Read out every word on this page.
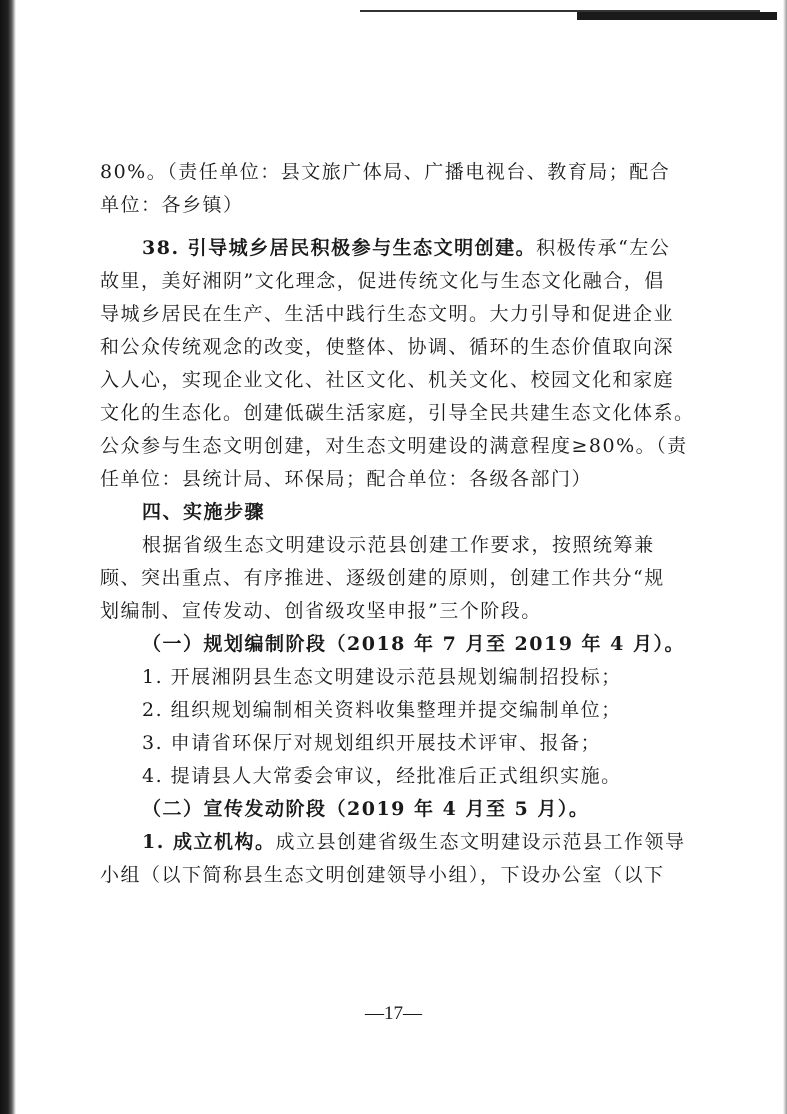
80%。（责任单位：县文旅广体局、广播电视台、教育局；配合

单位：各乡镇）

38. 引导城乡居民积极参与生态文明创建。积极传承“左公

故里，美好湘阴”文化理念，促进传统文化与生态文化融合，倡

导城乡居民在生产、生活中践行生态文明。大力引导和促进企业

和公众传统观念的改变，使整体、协调、循环的生态价值取向深

入人心，实现企业文化、社区文化、机关文化、校园文化和家庭

文化的生态化。创建低碳生活家庭，引导全民共建生态文化体系。

公众参与生态文明创建，对生态文明建设的满意程度≥80%。（责

任单位：县统计局、环保局；配合单位：各级各部门）

四、实施步骤

根据省级生态文明建设示范县创建工作要求，按照统筹兼

顾、突出重点、有序推进、逐级创建的原则，创建工作共分“规

划编制、宣传发动、创省级攻坚申报”三个阶段。

（一）规划编制阶段（2018 年 7 月至 2019 年 4 月）。

1. 开展湘阴县生态文明建设示范县规划编制招投标；

2. 组织规划编制相关资料收集整理并提交编制单位；

3. 申请省环保厅对规划组织开展技术评审、报备；

4. 提请县人大常委会审议，经批准后正式组织实施。

（二）宣传发动阶段（2019 年 4 月至 5 月）。

1. 成立机构。成立县创建省级生态文明建设示范县工作领导

小组（以下简称县生态文明创建领导小组），下设办公室（以下

—17—
